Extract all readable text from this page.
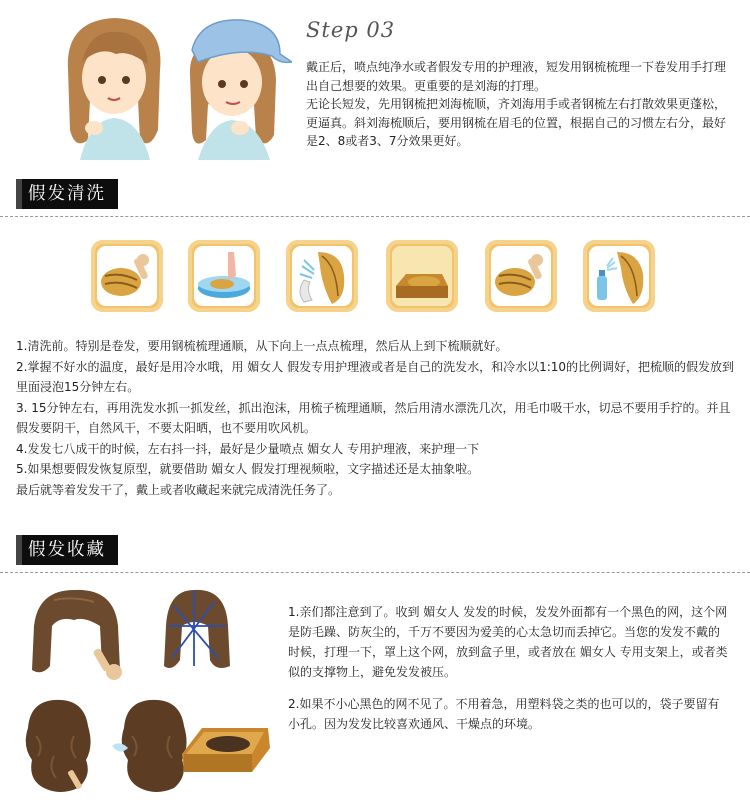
Step 03

戴正后，喷点纯净水或者假发专用的护理液，短发用钢梳梳理一下卷发用手打理出自己想要的效果。更重要的是刘海的打理。

无论长短发，先用钢梳把刘海梳顺，齐刘海用手或者钢梳左右打散效果更蓬松，更逼真。斜刘海梳顺后，要用钢梳在眉毛的位置，根据自己的习惯左右分，最好是2、8或者3、7分效果更好。

假发清洗
1.清洗前。特别是卷发，要用钢梳梳理通顺，从下向上一点点梳理，然后从上到下梳顺就好。
2.掌握不好水的温度，最好是用冷水哦，用 媚女人 假发专用护理液或者是自己的洗发水，和冷水以1:10的比例调好，把梳顺的假发放到里面浸泡15分钟左右。
3. 15分钟左右，再用洗发水抓一抓发丝，抓出泡沫，用梳子梳理通顺，然后用清水漂洗几次，用毛巾吸干水，切忌不要用手拧的。并且假发要阴干，自然风干，不要太阳晒，也不要用吹风机。
4.发发七八成干的时候，左右抖一抖，最好是少量喷点 媚女人 专用护理液，来护理一下
5.如果想要假发恢复原型，就要借助 媚女人 假发打理视频啦，文字描述还是太抽象啦。
最后就等着发发干了，戴上或者收藏起来就完成清洗任务了。
假发收藏

1.亲们都注意到了。收到 媚女人 发发的时候，发发外面都有一个黑色的网，这个网是防毛躁、防灰尘的，千万不要因为爱美的心太急切而丢掉它。当您的发发不戴的时候，打理一下，罩上这个网，放到盒子里，或者放在 媚女人 专用支架上，或者类似的支撑物上，避免发发被压。

2.如果不小心黑色的网不见了。不用着急，用塑料袋之类的也可以的，袋子要留有小孔。因为发发比较喜欢通风、干燥点的环境。
